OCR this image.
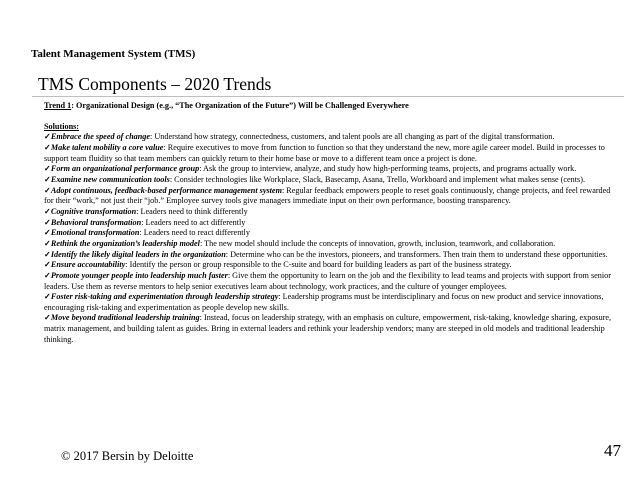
Talent Management System (TMS)
TMS Components – 2020 Trends

Trend 1: Organizational Design (e.g., “The Organization of the Future”) Will be Challenged Everywhere

Solutions:

✓Embrace the speed of change: Understand how strategy, connectedness, customers, and talent pools are all changing as part of the digital transformation.

✓Make talent mobility a core value: Require executives to move from function to function so that they understand the new, more agile career model. Build in processes to support team fluidity so that team members can quickly return to their home base or move to a different team once a project is done.

✓Form an organizational performance group: Ask the group to interview, analyze, and study how high-performing teams, projects, and programs actually work.

✓Examine new communication tools: Consider technologies like Workplace, Slack, Basecamp, Asana, Trello, Workboard and implement what makes sense (cents).

✓Adopt continuous, feedback-based performance management system: Regular feedback empowers people to reset goals continuously, change projects, and feel rewarded for their “work,” not just their “job.” Employee survey tools give managers immediate input on their own performance, boosting transparency.

✓Cognitive transformation: Leaders need to think differently

✓Behavioral transformation: Leaders need to act differently

✓Emotional transformation: Leaders need to react differently

✓Rethink the organization’s leadership model: The new model should include the concepts of innovation, growth, inclusion, teamwork, and collaboration.

✓Identify the likely digital leaders in the organization: Determine who can be the investors, pioneers, and transformers. Then train them to understand these opportunities.

✓Ensure accountability: Identify the person or group responsible to the C-suite and board for building leaders as part of the business strategy.

✓Promote younger people into leadership much faster: Give them the opportunity to learn on the job and the flexibility to lead teams and projects with support from senior leaders. Use them as reverse mentors to help senior executives learn about technology, work practices, and the culture of younger employees.

✓Foster risk-taking and experimentation through leadership strategy: Leadership programs must be interdisciplinary and focus on new product and service innovations, encouraging risk-taking and experimentation as people develop new skills.

✓Move beyond traditional leadership training: Instead, focus on leadership strategy, with an emphasis on culture, empowerment, risk-taking, knowledge sharing, exposure, matrix management, and building talent as guides. Bring in external leaders and rethink your leadership vendors; many are steeped in old models and traditional leadership thinking.

© 2017 Bersin by Deloitte	47
